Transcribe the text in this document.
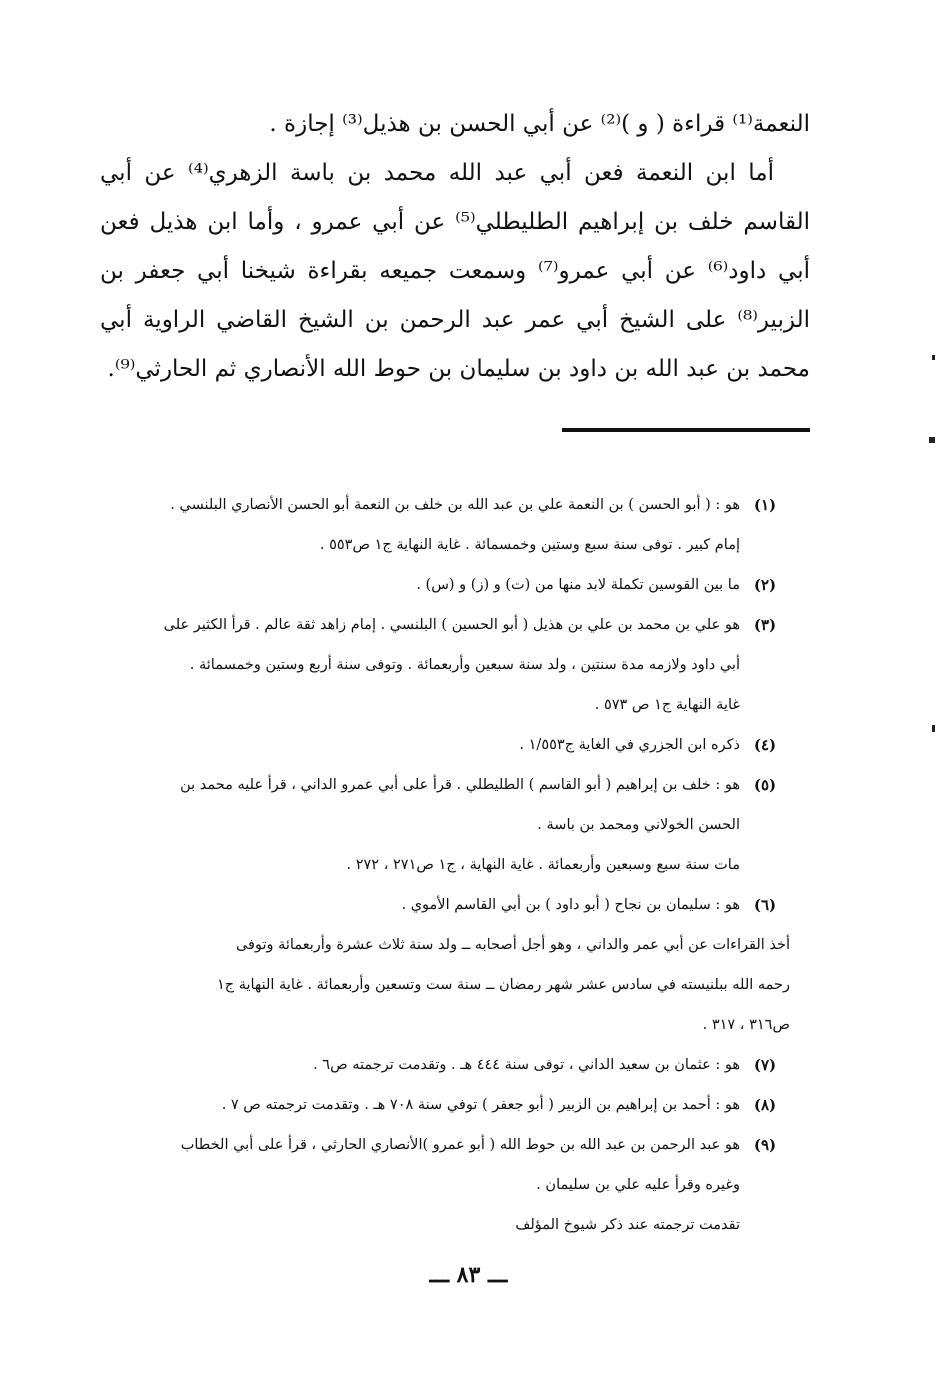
النعمة⁽¹⁾ قراءة ( و )⁽²⁾ عن أبي الحسن بن هذيل⁽³⁾ إجازة .

أما ابن النعمة فعن أبي عبد الله محمد بن باسة الزهري⁽⁴⁾ عن أبي القاسم خلف بن إبراهيم الطليطلي⁽⁵⁾ عن أبي عمرو ، وأما ابن هذيل فعن أبي داود⁽⁶⁾ عن أبي عمرو⁽⁷⁾ وسمعت جميعه بقراءة شيخنا أبي جعفر بن الزبير⁽⁸⁾ على الشيخ أبي عمر عبد الرحمن بن الشيخ القاضي الراوية أبي محمد بن عبد الله بن داود بن سليمان بن حوط الله الأنصاري ثم الحارثي⁽⁹⁾.

(١)
هو : ( أبو الحسن ) بن النعمة علي بن عبد الله بن خلف بن النعمة أبو الحسن الأنصاري البلنسي .
إمام كبير . توفى سنة سبع وستين وخمسمائة . غاية النهاية ج١ ص٥٥٣ .
(٢)
ما بين القوسين تكملة لابد منها من (ت) و (ز) و (س) .
(٣)
هو علي بن محمد بن علي بن هذيل ( أبو الحسين ) البلنسي . إمام زاهد ثقة عالم . قرأ الكثير على
أبي داود ولازمه مدة سنتين ، ولد سنة سبعين وأربعمائة . وتوفى سنة أربع وستين وخمسمائة .
غاية النهاية ج١ ص ٥٧٣ .
(٤)
ذكره ابن الجزري في الغاية ج١/٥٥٣ .
(٥)
هو : خلف بن إبراهيم ( أبو القاسم ) الطليطلي . قرأ على أبي عمرو الداني ، قرأ عليه محمد بن
الحسن الخولاني ومحمد بن باسة .
مات سنة سبع وسبعين وأربعمائة . غاية النهاية ، ج١ ص٢٧١ ، ٢٧٢ .
(٦)
هو : سليمان بن نجاح ( أبو داود ) بن أبي القاسم الأموي .
أخذ القراءات عن أبي عمر والداني ، وهو أجل أصحابه ــ ولد سنة ثلاث عشرة وأربعمائة وتوفى
رحمه الله ببلنيسته في سادس عشر شهر رمضان ــ سنة ست وتسعين وأربعمائة . غاية النهاية ج١
ص٣١٦ ، ٣١٧ .
(٧)
هو : عثمان بن سعيد الداني ، توفى سنة ٤٤٤ هـ . وتقدمت ترجمته ص٦ .
(٨)
هو : أحمد بن إبراهيم بن الزبير ( أبو جعفر ) توفي سنة ٧٠٨ هـ . وتقدمت ترجمته ص ٧ .
(٩)
هو عبد الرحمن بن عبد الله بن حوط الله ( أبو عمرو )الأنصاري الحارثي ، قرأ على أبي الخطاب
وغيره وقرأ عليه علي بن سليمان .
تقدمت ترجمته عند ذكر شيوخ المؤلف
ـــ ٨٣ ـــ
